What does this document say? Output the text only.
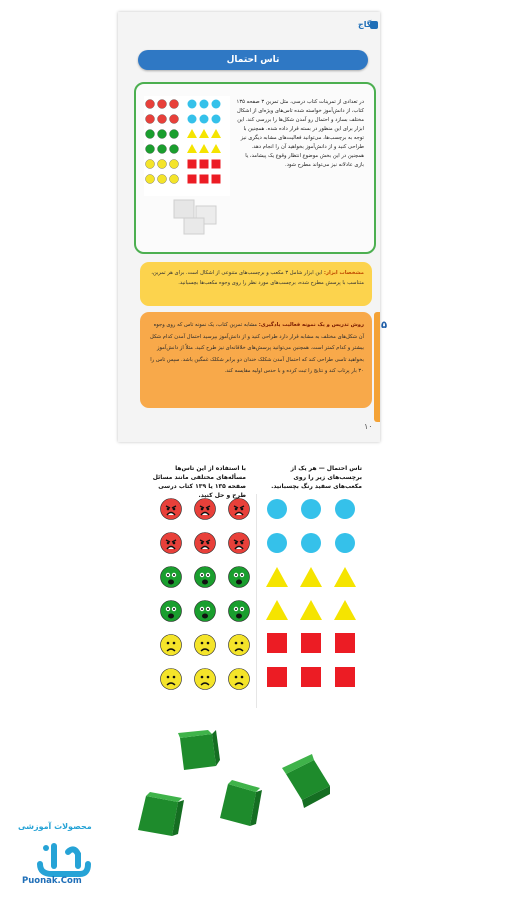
گاج
تاس احتمال
در تعدادی از تمرینات کتاب درسی، مثل تمرین ۳ صفحه ۱۳۵ کتاب، از دانش‌آموز خواسته شده تاس‌های ویژه‌ای از اشکال مختلف بسازد و احتمال رو آمدن شکل‌ها را بررسی کند. این ابزار برای این منظور در بسته قرار داده شده. همچنین با توجه به برچسب‌ها، می‌توانید فعالیت‌های مشابه دیگری نیز طراحی کنید و از دانش‌آموز بخواهید آن را انجام دهد. همچنین در این بخش موضوع انتظار وقوع یک پیشامد، یا بازی عادلانه نیز می‌تواند مطرح شود.
مشخصات ابزار: این ابزار شامل ۳ مکعب و برچسب‌های متنوعی از اشکال است. برای هر تمرین، متناسب با پرسش مطرح شده، برچسب‌های مورد نظر را روی وجوه مکعب‌ها بچسبانید.
روش تدریس و یک نمونه فعالیت یادگیری: مشابه تمرین کتاب، یک نمونه تاس که روی وجوه آن شکل‌های مختلف به مشابه قرار دارد طراحی کنید و از دانش‌آموز بپرسید احتمال آمدن کدام شکل بیشتر و کدام کمتر است. همچنین می‌توانید پرسش‌های خلاقانه‌ای نیز طرح کنید. مثلاً از دانش‌آموز بخواهید تاسی طراحی کند که احتمال آمدن شکلک خندان دو برابر شکلک غمگین باشد. سپس تاس را ۳۰ بار پرتاب کند و نتایج را ثبت کرده و با حدس اولیه مقایسه کند.
۵
۱۰
با استفاده از این تاس‌ها مسأله‌های مختلفی مانند مسائل صفحه ۱۳۵ یا ۱۳۹ کتاب درسی طرح و حل کنید.
تاس احتمال — هر یک از برچسب‌های زیر را روی مکعب‌های سفید رنگ بچسبانید.
محصولات آموزشی
Puonak.Com
